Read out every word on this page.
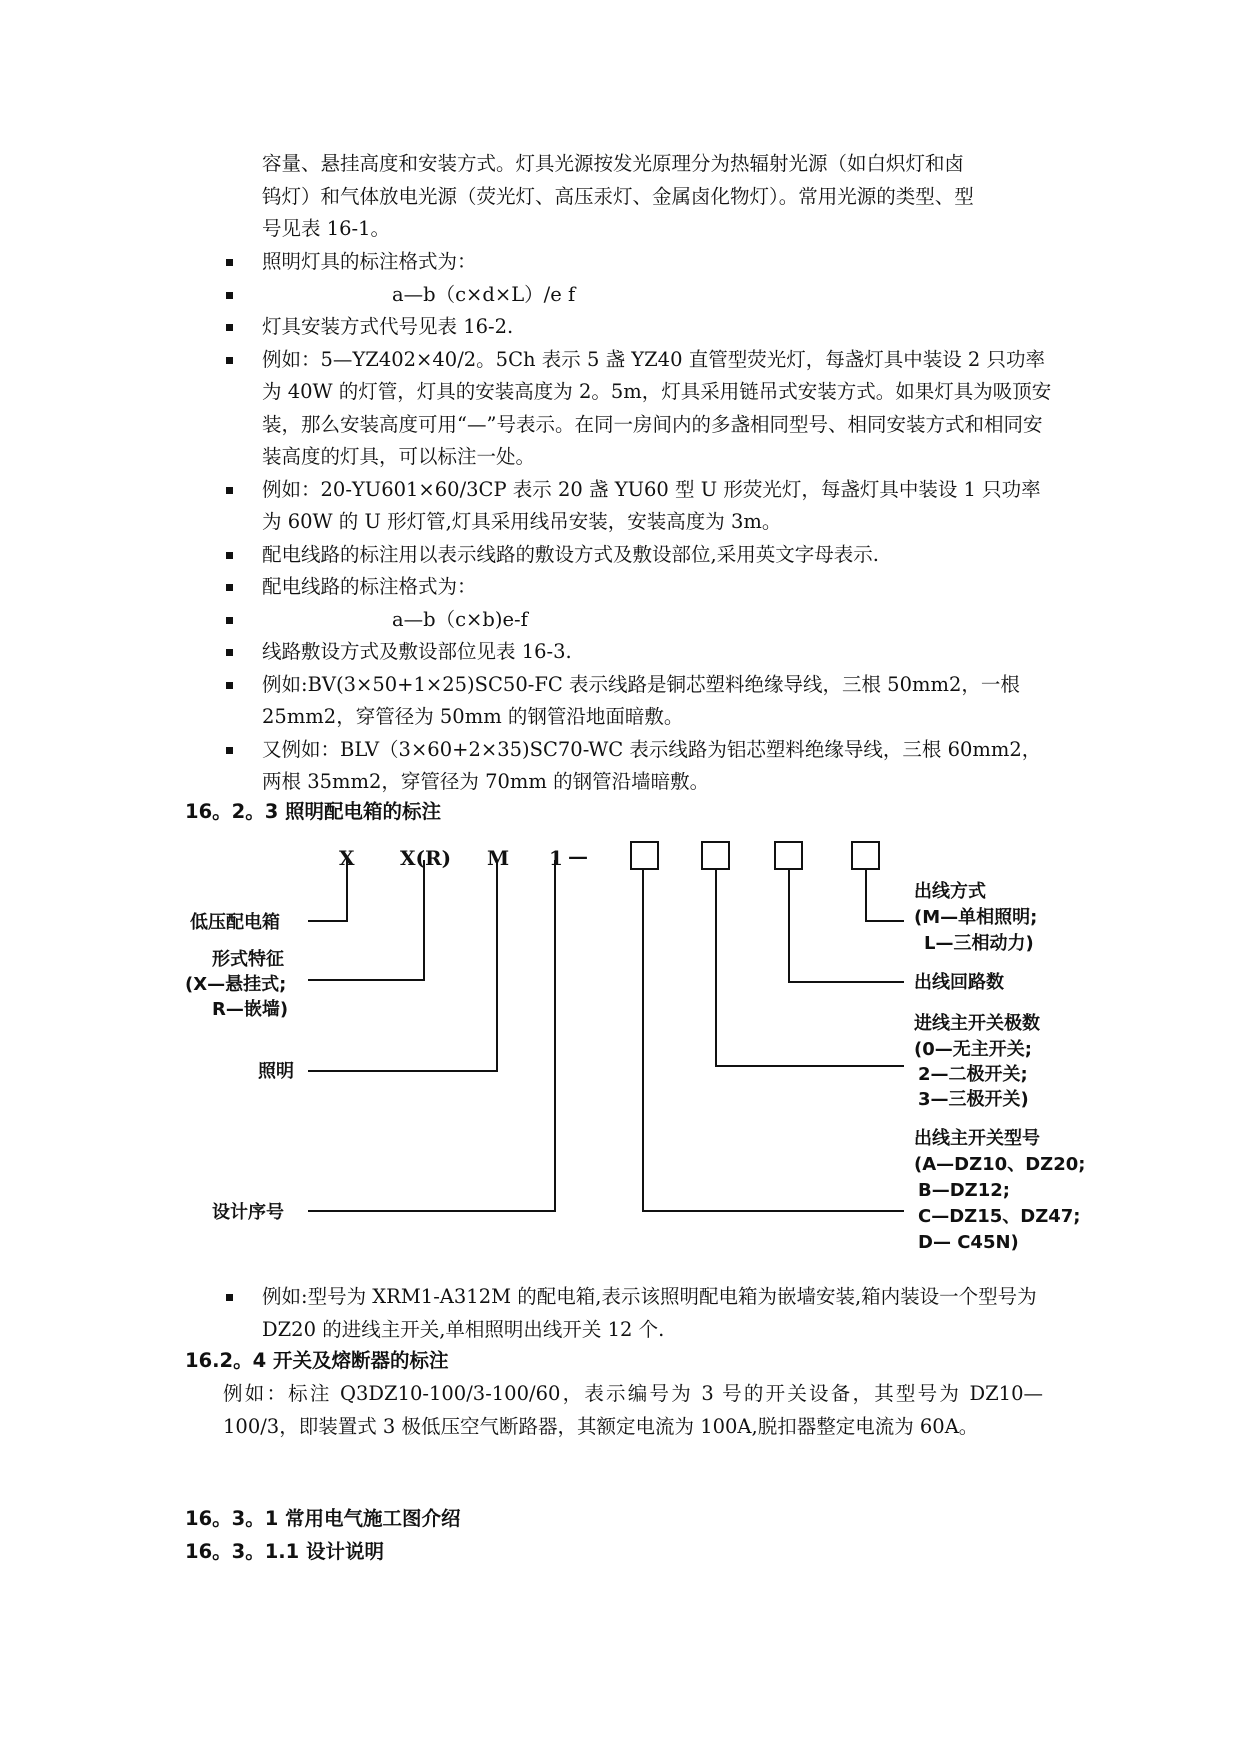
容量、悬挂高度和安装方式。灯具光源按发光原理分为热辐射光源（如白炽灯和卤
钨灯）和气体放电光源（荧光灯、高压汞灯、金属卤化物灯）。常用光源的类型、型
号见表 16-1。
照明灯具的标注格式为：
a—b（c×d×L）/e f
灯具安装方式代号见表 16-2.
例如：5—YZ402×40/2。5Ch 表示 5 盏 YZ40 直管型荧光灯，每盏灯具中装设 2 只功率为 40W 的灯管，灯具的安装高度为 2。5m，灯具采用链吊式安装方式。如果灯具为吸顶安装，那么安装高度可用“—”号表示。在同一房间内的多盏相同型号、相同安装方式和相同安装高度的灯具，可以标注一处。
例如：20-YU601×60/3CP 表示 20 盏 YU60 型 U 形荧光灯，每盏灯具中装设 1 只功率为 60W 的 U 形灯管,灯具采用线吊安装，安装高度为 3m。
配电线路的标注用以表示线路的敷设方式及敷设部位,采用英文字母表示.
配电线路的标注格式为：
a—b（c×b)e-f
线路敷设方式及敷设部位见表 16-3.
例如:BV(3×50+1×25)SC50-FC 表示线路是铜芯塑料绝缘导线，三根 50mm2，一根 25mm2，穿管径为 50mm 的钢管沿地面暗敷。
又例如：BLV（3×60+2×35)SC70-WC 表示线路为铝芯塑料绝缘导线，三根 60mm2，两根 35mm2，穿管径为 70mm 的钢管沿墙暗敷。
16。2。3 照明配电箱的标注
X X(R) M 1 —
低压配电箱
形式特征
(X—悬挂式;
R—嵌墙)
照明
设计序号
出线方式
(M—单相照明;
L—三相动力)
出线回路数
进线主开关极数
(0—无主开关;
2—二极开关;
3—三极开关)
出线主开关型号
(A—DZ10、DZ20;
B—DZ12;
C—DZ15、DZ47;
D— C45N)
例如:型号为 XRM1-A312M 的配电箱,表示该照明配电箱为嵌墙安装,箱内装设一个型号为 DZ20 的进线主开关,单相照明出线开关 12 个.
16.2。4 开关及熔断器的标注

例如：标注 Q3DZ10-100/3-100/60，表示编号为 3 号的开关设备，其型号为 DZ10—100/3，即装置式 3 极低压空气断路器，其额定电流为 100A,脱扣器整定电流为 60A。

16。3。1 常用电气施工图介绍
16。3。1.1 设计说明
